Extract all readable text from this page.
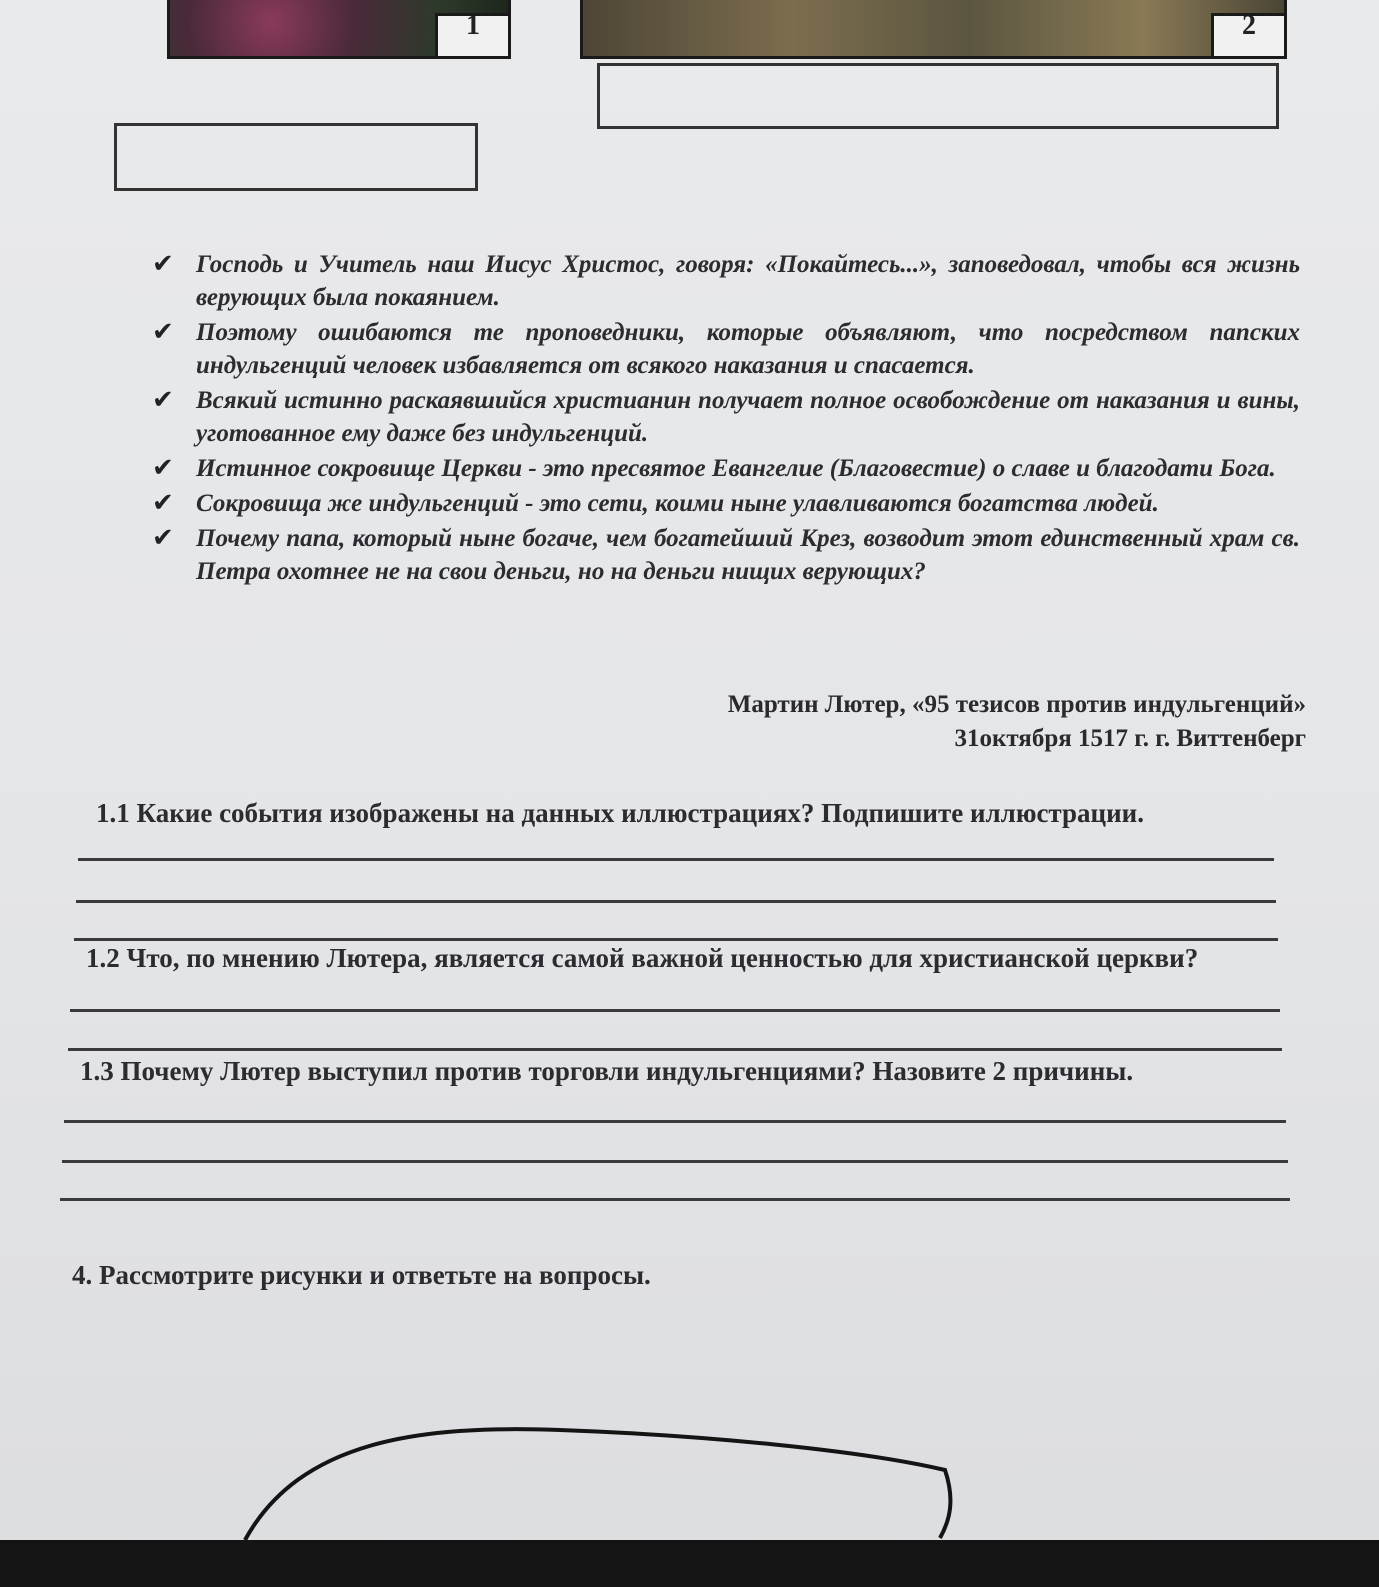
1	2
✔ Господь и Учитель наш Иисус Христос, говоря: «Покайтесь...», заповедовал, чтобы вся жизнь верующих была покаянием.
✔ Поэтому ошибаются те проповедники, которые объявляют, что посредством папских индульгенций человек избавляется от всякого наказания и спасается.
✔ Всякий истинно раскаявшийся христианин получает полное освобождение от наказания и вины, уготованное ему даже без индульгенций.
✔ Истинное сокровище Церкви - это пресвятое Евангелие (Благовестие) о славе и благодати Бога.
✔ Сокровища же индульгенций - это сети, коими ныне улавливаются богатства людей.
✔ Почему папа, который ныне богаче, чем богатейший Крез, возводит этот единственный храм св. Петра охотнее не на свои деньги, но на деньги нищих верующих?
Мартин Лютер, «95 тезисов против индульгенций»
31октября 1517 г. г. Виттенберг
1.1 Какие события изображены на данных иллюстрациях? Подпишите иллюстрации.
1.2 Что, по мнению Лютера, является самой важной ценностью для христианской церкви?
1.3 Почему Лютер выступил против торговли индульгенциями? Назовите 2 причины.
4. Рассмотрите рисунки и ответьте на вопросы.
